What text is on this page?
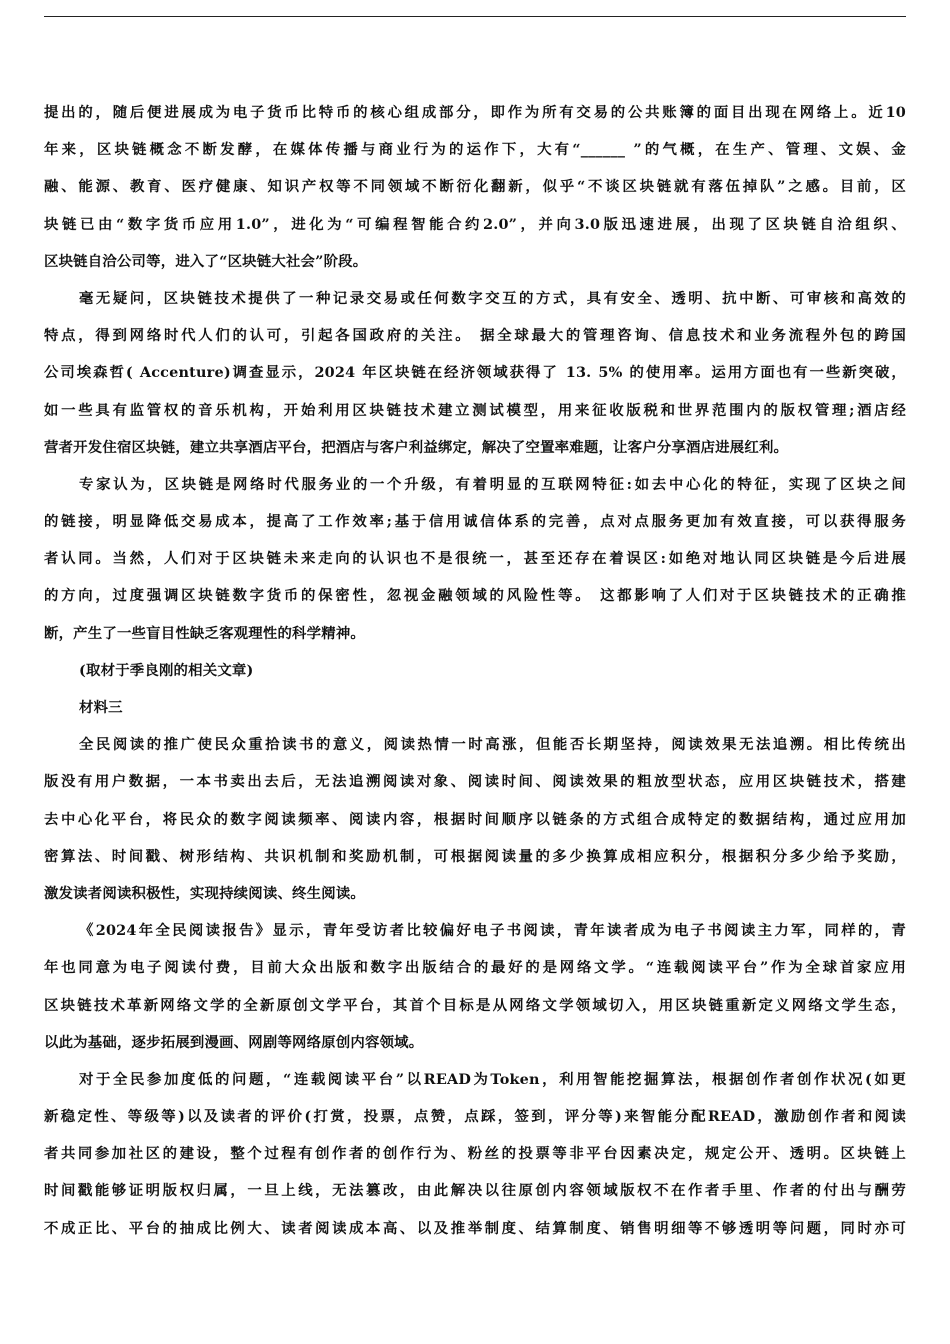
提出的，随后便进展成为电子货币比特币的核心组成部分，即作为所有交易的公共账簿的面目出现在网络上。近10
年来，区块链概念不断发酵，在媒体传播与商业行为的运作下，大有“______ ”的气概，在生产、管理、文娱、金
融、能源、教育、医疗健康、知识产权等不同领域不断衍化翻新，似乎“不谈区块链就有落伍掉队”之感。目前，区
块链已由“数字货币应用1.0”，进化为“可编程智能合约2.0”，并向3.0版迅速进展，出现了区块链自洽组织、
区块链自洽公司等，进入了“区块链大社会”阶段。
毫无疑问，区块链技术提供了一种记录交易或任何数字交互的方式，具有安全、透明、抗中断、可审核和高效的
特点，得到网络时代人们的认可，引起各国政府的关注。 据全球最大的管理咨询、信息技术和业务流程外包的跨国
公司埃森哲( Accenture)调查显示，2024 年区块链在经济领域获得了 13. 5% 的使用率。运用方面也有一些新突破，
如一些具有监管权的音乐机构，开始利用区块链技术建立测试模型，用来征收版税和世界范围内的版权管理;酒店经
营者开发住宿区块链，建立共享酒店平台，把酒店与客户利益绑定，解决了空置率难题，让客户分享酒店进展红利。
专家认为，区块链是网络时代服务业的一个升级，有着明显的互联网特征:如去中心化的特征，实现了区块之间
的链接，明显降低交易成本，提高了工作效率;基于信用诚信体系的完善，点对点服务更加有效直接，可以获得服务
者认同。当然，人们对于区块链未来走向的认识也不是很统一，甚至还存在着误区:如绝对地认同区块链是今后进展
的方向，过度强调区块链数字货币的保密性，忽视金融领域的风险性等。 这都影响了人们对于区块链技术的正确推
断，产生了一些盲目性缺乏客观理性的科学精神。
(取材于季良刚的相关文章)
材料三
全民阅读的推广使民众重拾读书的意义，阅读热情一时高涨，但能否长期坚持，阅读效果无法追溯。相比传统出
版没有用户数据，一本书卖出去后，无法追溯阅读对象、阅读时间、阅读效果的粗放型状态，应用区块链技术，搭建
去中心化平台，将民众的数字阅读频率、阅读内容，根据时间顺序以链条的方式组合成特定的数据结构，通过应用加
密算法、时间戳、树形结构、共识机制和奖励机制，可根据阅读量的多少换算成相应积分，根据积分多少给予奖励，
激发读者阅读积极性，实现持续阅读、终生阅读。
《2024年全民阅读报告》显示，青年受访者比较偏好电子书阅读，青年读者成为电子书阅读主力军，同样的，青
年也同意为电子阅读付费，目前大众出版和数字出版结合的最好的是网络文学。“连载阅读平台”作为全球首家应用
区块链技术革新网络文学的全新原创文学平台，其首个目标是从网络文学领域切入，用区块链重新定义网络文学生态，
以此为基础，逐步拓展到漫画、网剧等网络原创内容领域。
对于全民参加度低的问题，“连载阅读平台”以READ为Token，利用智能挖掘算法，根据创作者创作状况(如更
新稳定性、等级等)以及读者的评价(打赏，投票，点赞，点踩，签到，评分等)来智能分配READ，激励创作者和阅读
者共同参加社区的建设，整个过程有创作者的创作行为、粉丝的投票等非平台因素决定，规定公开、透明。区块链上
时间戳能够证明版权归属，一旦上线，无法篡改，由此解决以往原创内容领域版权不在作者手里、作者的付出与酬劳
不成正比、平台的抽成比例大、读者阅读成本高、以及推举制度、结算制度、销售明细等不够透明等问题，同时亦可
